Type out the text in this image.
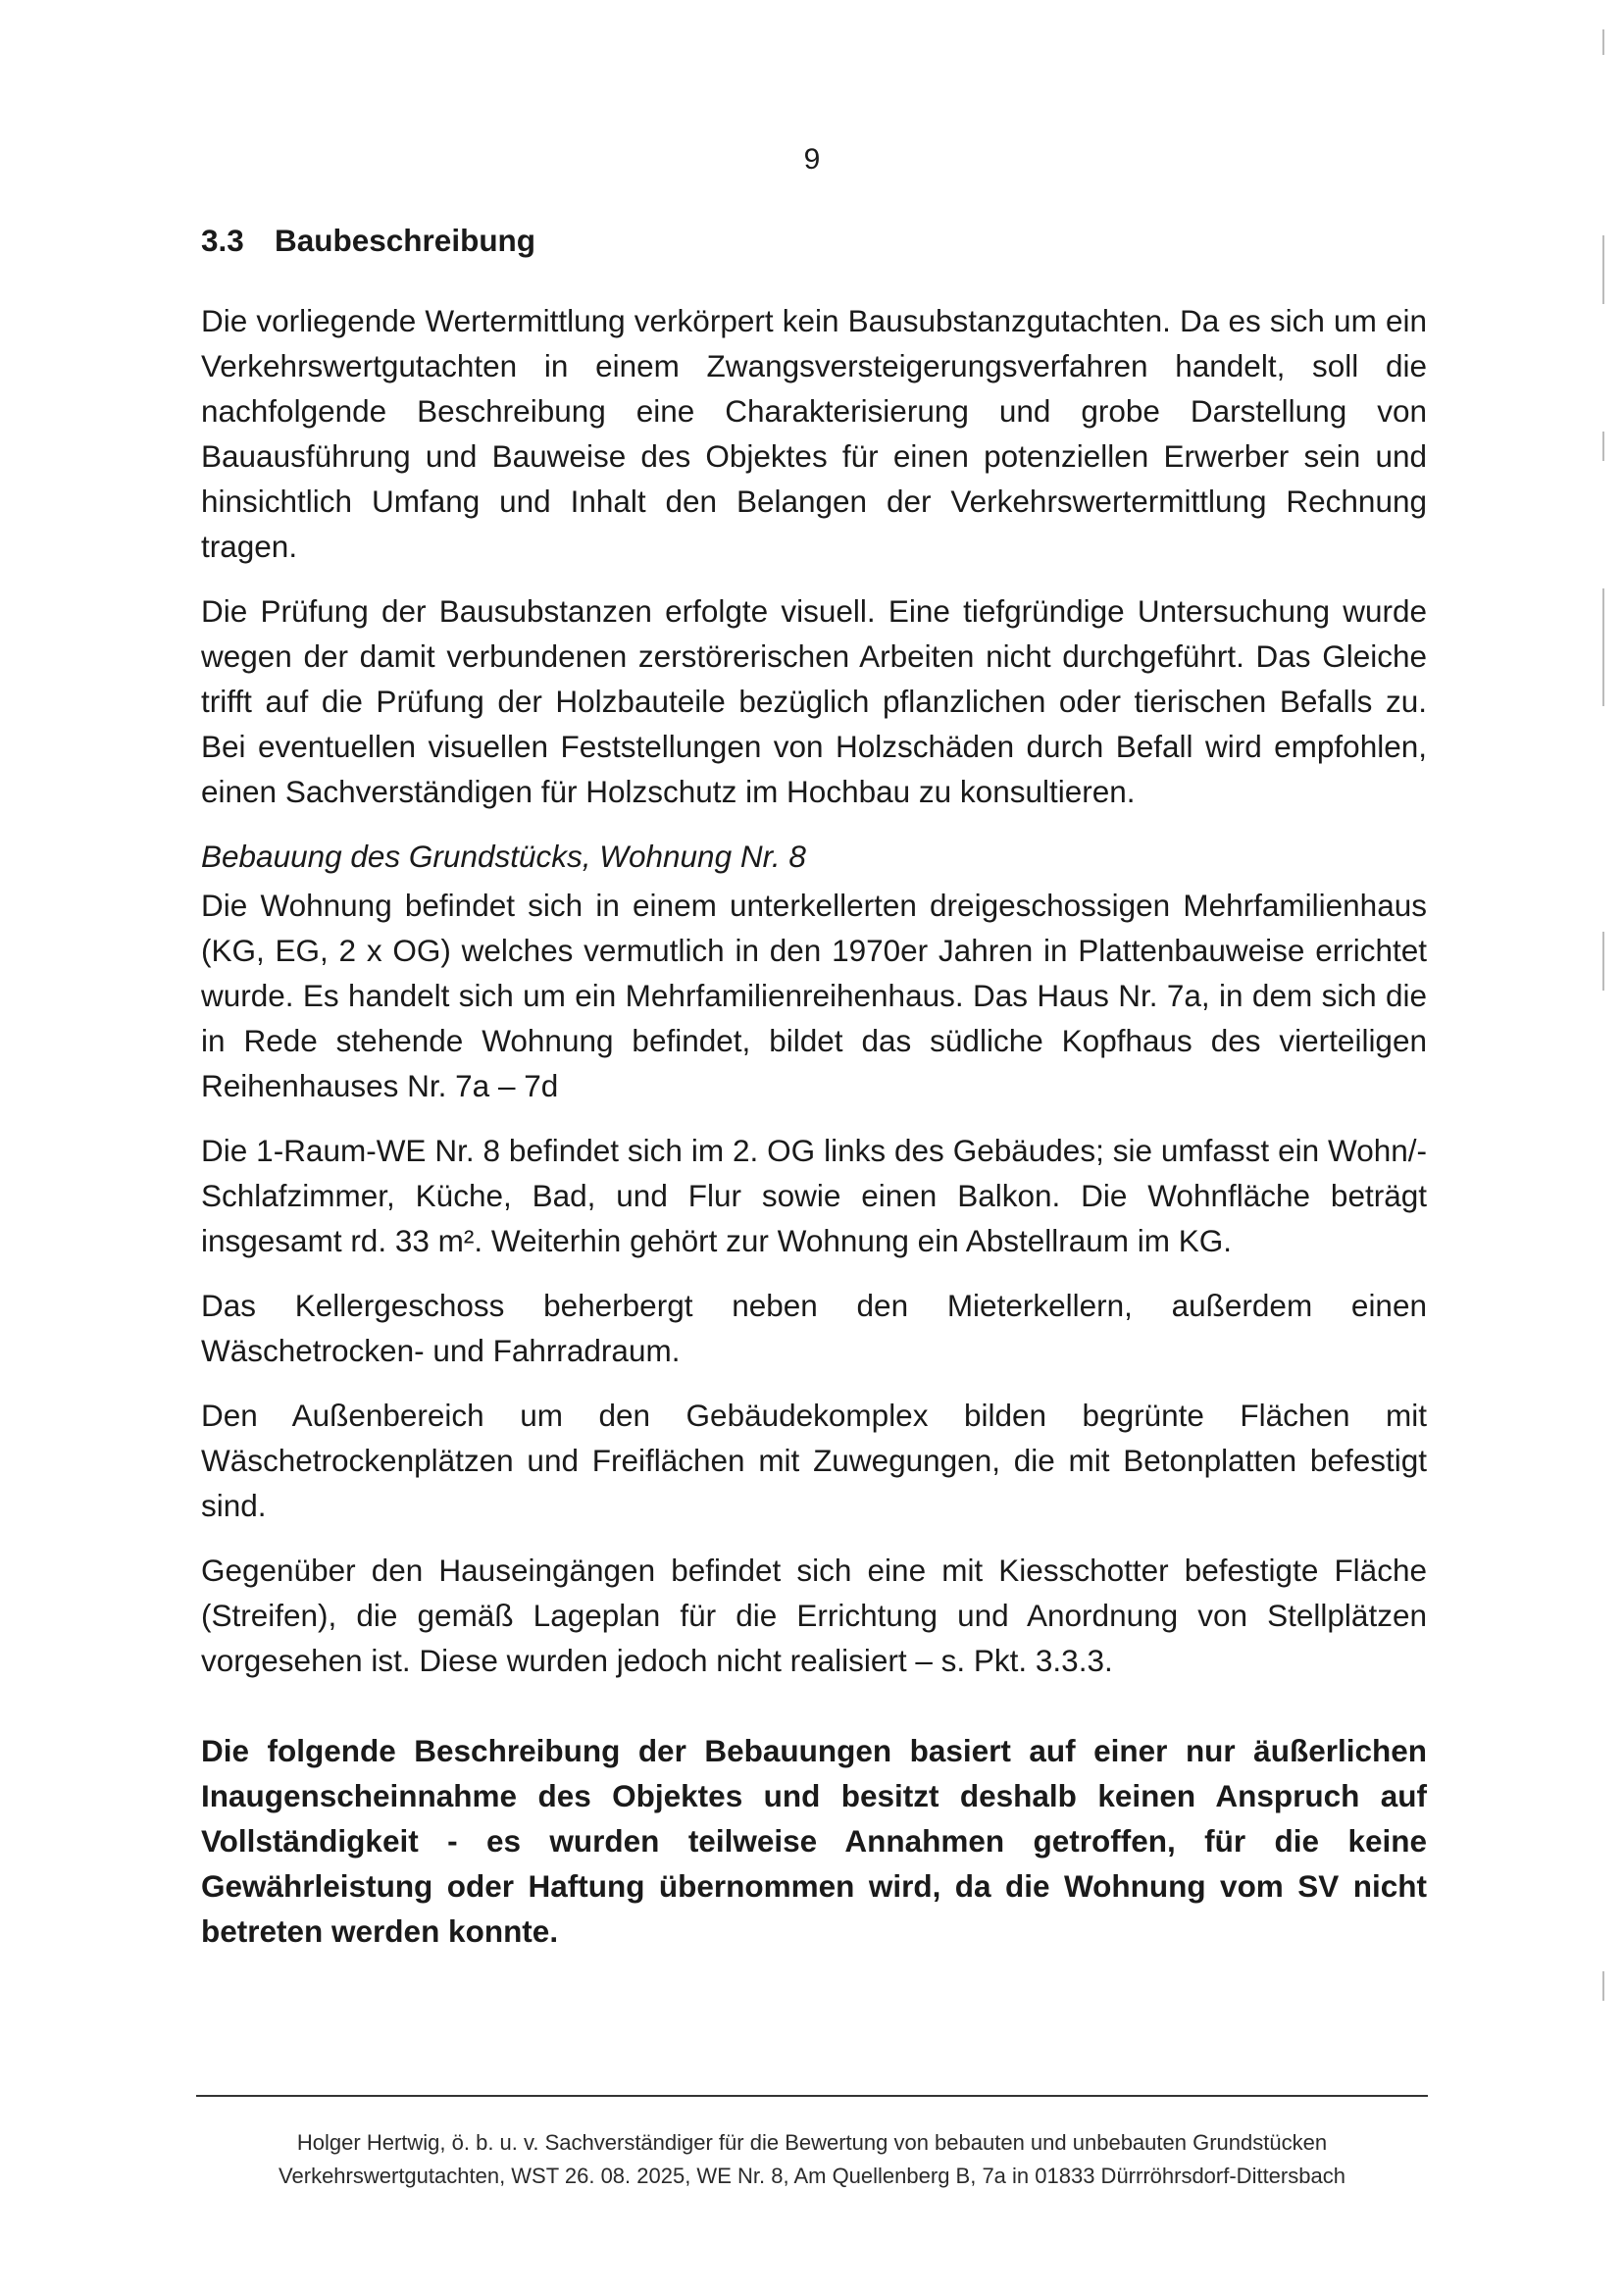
9
3.3 Baubeschreibung

Die vorliegende Wertermittlung verkörpert kein Bausubstanzgutachten. Da es sich um ein Verkehrswertgutachten in einem Zwangsversteigerungsverfahren handelt, soll die nachfolgende Beschreibung eine Charakterisierung und grobe Darstellung von Bauausführung und Bauweise des Objektes für einen potenziellen Erwerber sein und hinsichtlich Umfang und Inhalt den Belangen der Verkehrswertermittlung Rechnung tragen.

Die Prüfung der Bausubstanzen erfolgte visuell. Eine tiefgründige Untersuchung wurde wegen der damit verbundenen zerstörerischen Arbeiten nicht durchgeführt. Das Gleiche trifft auf die Prüfung der Holzbauteile bezüglich pflanzlichen oder tierischen Befalls zu. Bei eventuellen visuellen Feststellungen von Holzschäden durch Befall wird empfohlen, einen Sachverständigen für Holzschutz im Hochbau zu konsultieren.

Bebauung des Grundstücks, Wohnung Nr. 8

Die Wohnung befindet sich in einem unterkellerten dreigeschossigen Mehrfamilienhaus (KG, EG, 2 x OG) welches vermutlich in den 1970er Jahren in Plattenbauweise errichtet wurde. Es handelt sich um ein Mehrfamilienreihenhaus. Das Haus Nr. 7a, in dem sich die in Rede stehende Wohnung befindet, bildet das südliche Kopfhaus des vierteiligen Reihenhauses Nr. 7a – 7d

Die 1-Raum-WE Nr. 8 befindet sich im 2. OG links des Gebäudes; sie umfasst ein Wohn/-Schlafzimmer, Küche, Bad, und Flur sowie einen Balkon. Die Wohnfläche beträgt insgesamt rd. 33 m². Weiterhin gehört zur Wohnung ein Abstellraum im KG.

Das Kellergeschoss beherbergt neben den Mieterkellern, außerdem einen Wäschetrocken- und Fahrradraum.

Den Außenbereich um den Gebäudekomplex bilden begrünte Flächen mit Wäschetrockenplätzen und Freiflächen mit Zuwegungen, die mit Betonplatten befestigt sind.

Gegenüber den Hauseingängen befindet sich eine mit Kiesschotter befestigte Fläche (Streifen), die gemäß Lageplan für die Errichtung und Anordnung von Stellplätzen vorgesehen ist. Diese wurden jedoch nicht realisiert – s. Pkt. 3.3.3.

Die folgende Beschreibung der Bebauungen basiert auf einer nur äußerlichen Inaugenscheinnahme des Objektes und besitzt deshalb keinen Anspruch auf Vollständigkeit - es wurden teilweise Annahmen getroffen, für die keine Gewährleistung oder Haftung übernommen wird, da die Wohnung vom SV nicht betreten werden konnte.

Holger Hertwig, ö. b. u. v. Sachverständiger für die Bewertung von bebauten und unbebauten Grundstücken
Verkehrswertgutachten, WST 26. 08. 2025, WE Nr. 8, Am Quellenberg B, 7a in 01833 Dürrröhrsdorf-Dittersbach
